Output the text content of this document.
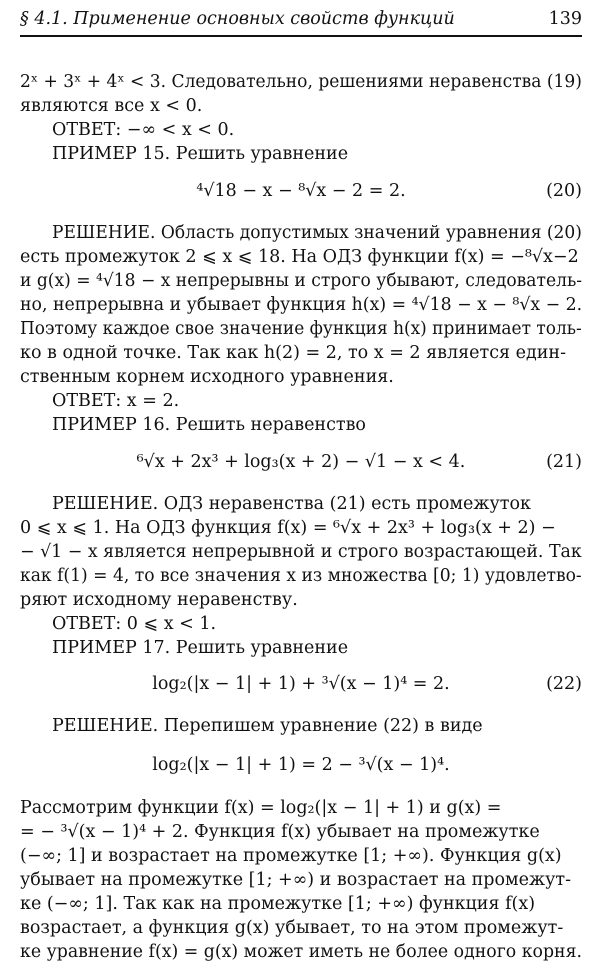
§ 4.1. Применение основных свойств функций	139
2ˣ + 3ˣ + 4ˣ < 3. Следовательно, решениями неравенства (19)
являются все x < 0.
ОТВЕТ: −∞ < x < 0.
ПРИМЕР 15. Решить уравнение
⁴√18 − x − ⁸√x − 2 = 2.	(20)
РЕШЕНИЕ. Область допустимых значений уравнения (20)
есть промежуток 2 ⩽ x ⩽ 18. На ОДЗ функции f(x) = −⁸√x−2
и g(x) = ⁴√18 − x непрерывны и строго убывают, следователь-
но, непрерывна и убывает функция h(x) = ⁴√18 − x − ⁸√x − 2.
Поэтому каждое свое значение функция h(x) принимает толь-
ко в одной точке. Так как h(2) = 2, то x = 2 является един-
ственным корнем исходного уравнения.
ОТВЕТ: x = 2.
ПРИМЕР 16. Решить неравенство
⁶√x + 2x³ + log₃(x + 2) − √1 − x < 4.	(21)
РЕШЕНИЕ. ОДЗ неравенства (21) есть промежуток
0 ⩽ x ⩽ 1. На ОДЗ функция f(x) = ⁶√x + 2x³ + log₃(x + 2) −
− √1 − x является непрерывной и строго возрастающей. Так
как f(1) = 4, то все значения x из множества [0; 1) удовлетво-
ряют исходному неравенству.
ОТВЕТ: 0 ⩽ x < 1.
ПРИМЕР 17. Решить уравнение
log₂(|x − 1| + 1) + ³√(x − 1)⁴ = 2.	(22)
РЕШЕНИЕ. Перепишем уравнение (22) в виде
log₂(|x − 1| + 1) = 2 − ³√(x − 1)⁴.
Рассмотрим функции f(x) = log₂(|x − 1| + 1) и g(x) =
= − ³√(x − 1)⁴ + 2. Функция f(x) убывает на промежутке
(−∞; 1] и возрастает на промежутке [1; +∞). Функция g(x)
убывает на промежутке [1; +∞) и возрастает на промежут-
ке (−∞; 1]. Так как на промежутке [1; +∞) функция f(x)
возрастает, а функция g(x) убывает, то на этом промежут-
ке уравнение f(x) = g(x) может иметь не более одного корня.
